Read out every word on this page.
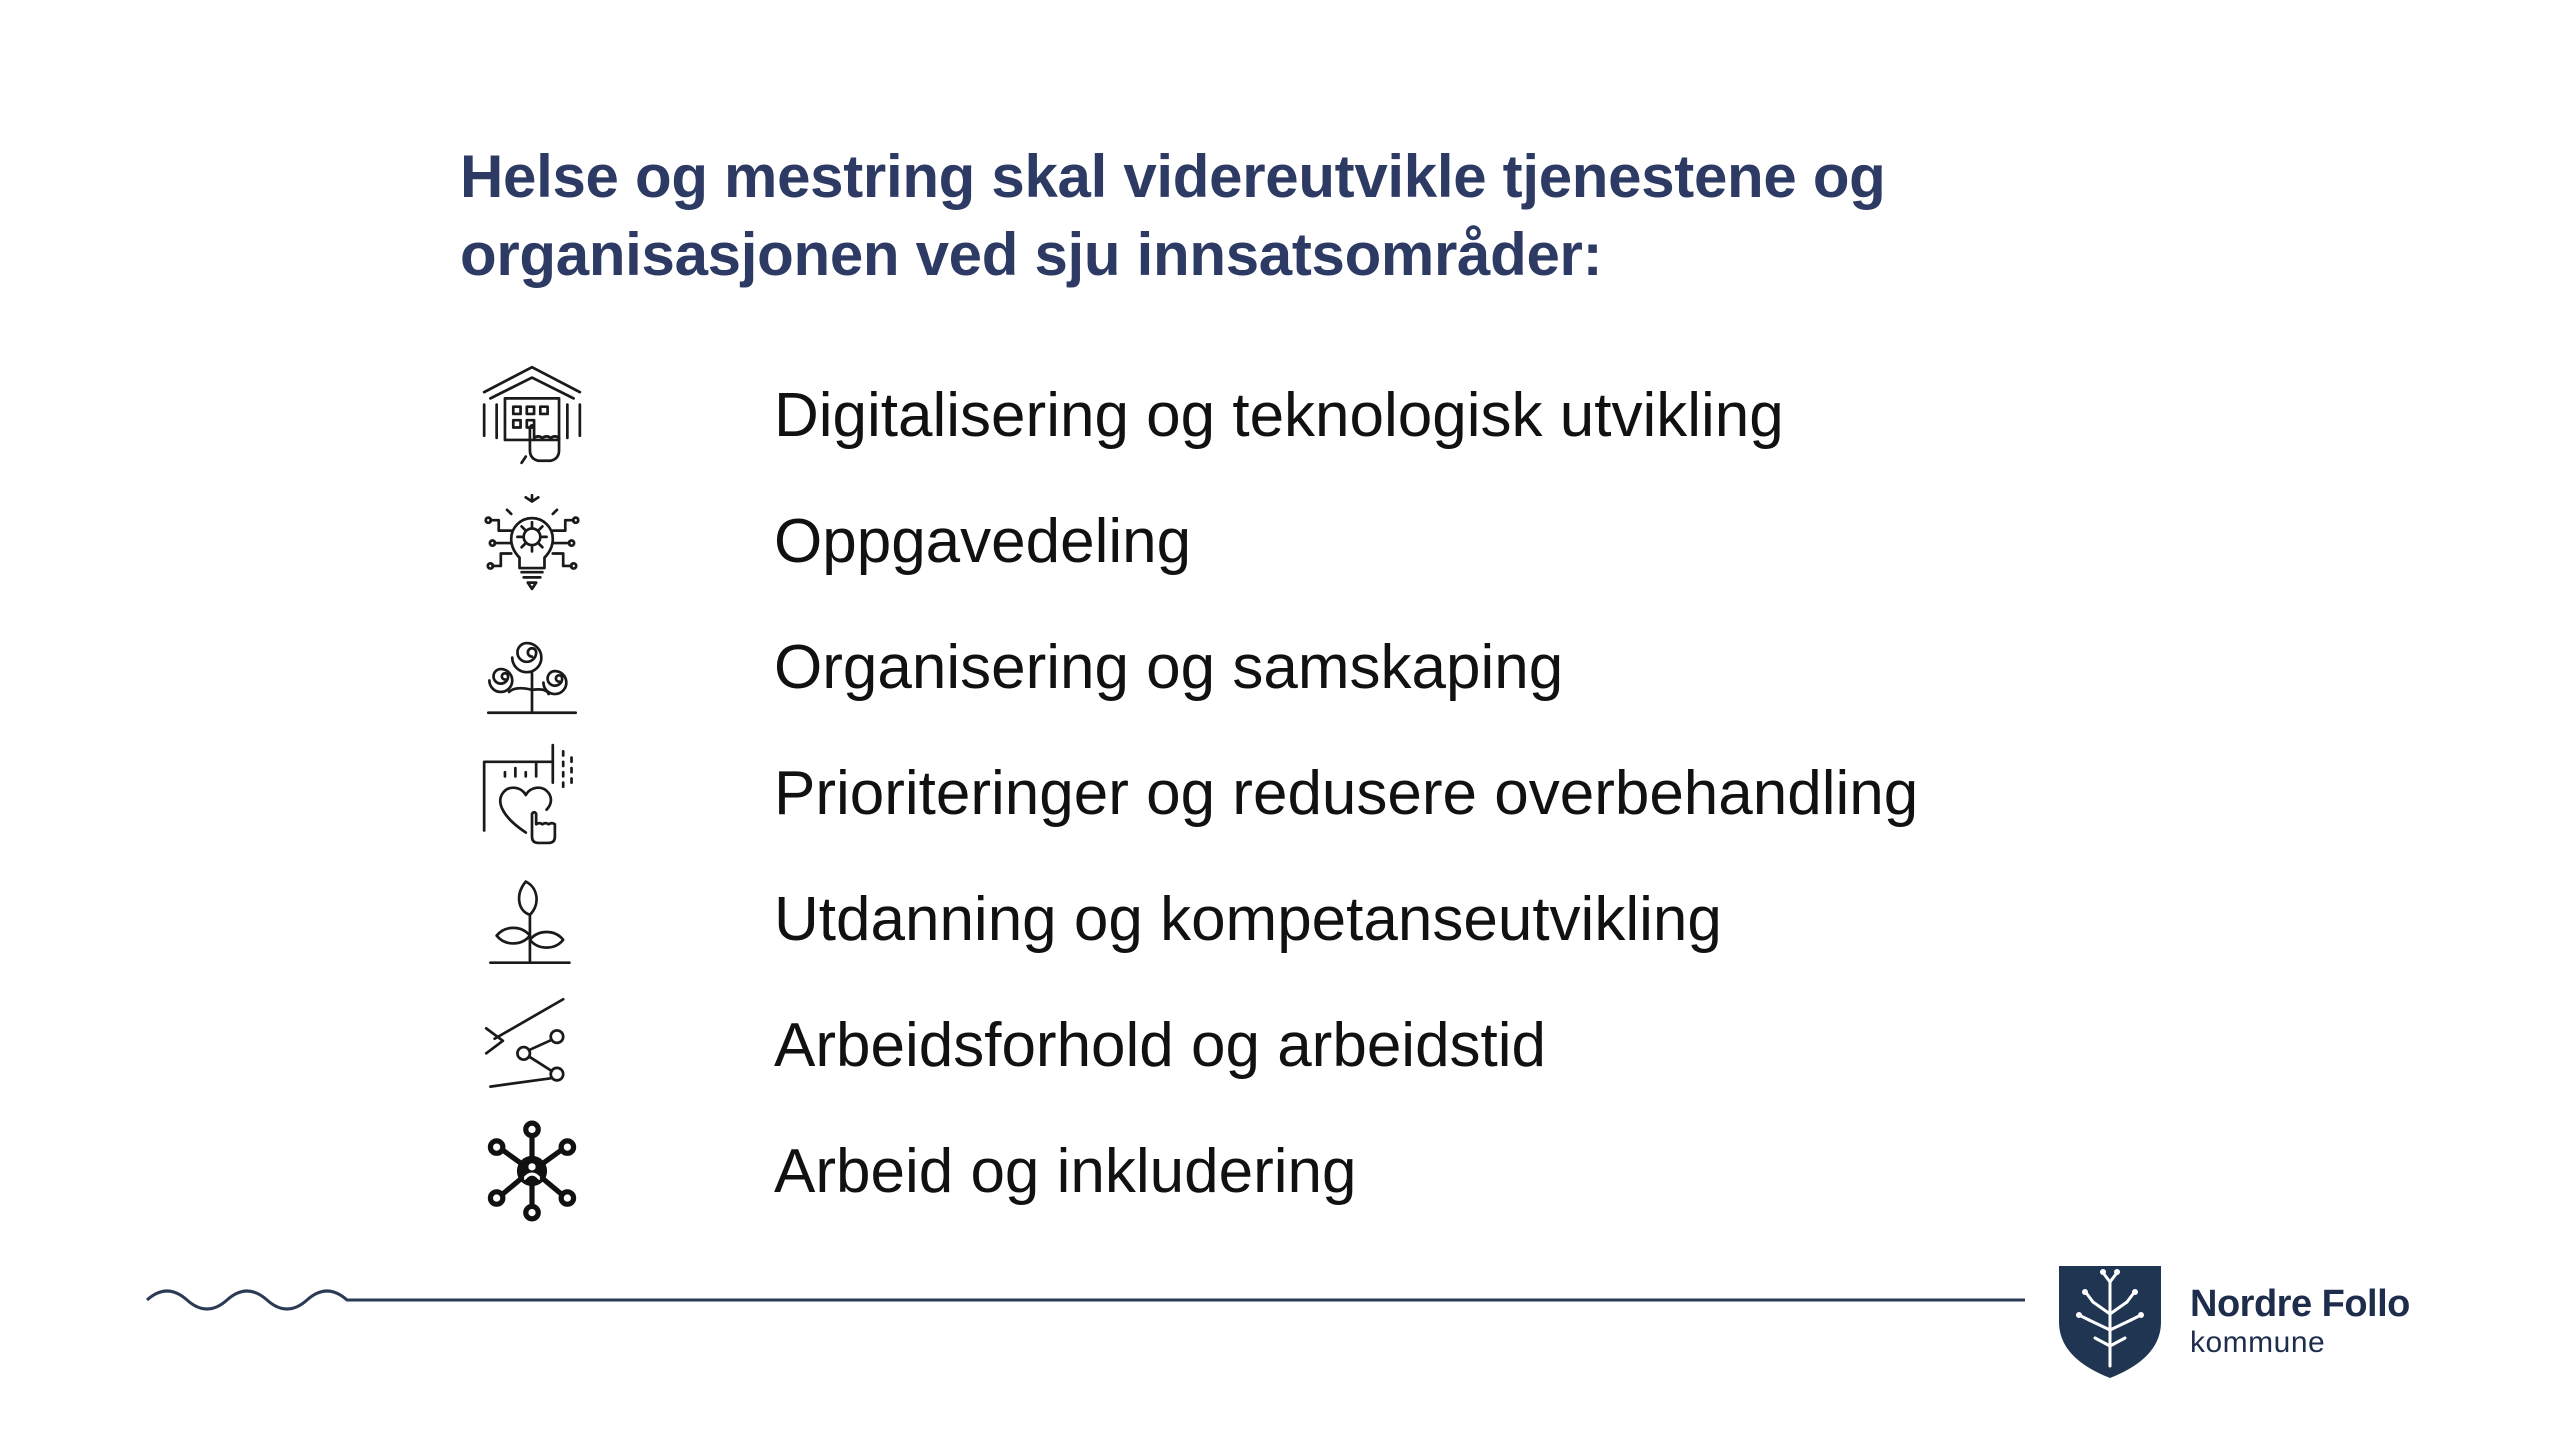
Helse og mestring skal videreutvikle tjenestene og
organisasjonen ved sju innsatsområder:
Digitalisering og teknologisk utvikling
Oppgavedeling
Organisering og samskaping
Prioriteringer og redusere overbehandling
Utdanning og kompetanseutvikling
Arbeidsforhold og arbeidstid
Arbeid og inkludering
Nordre Follo
kommune
